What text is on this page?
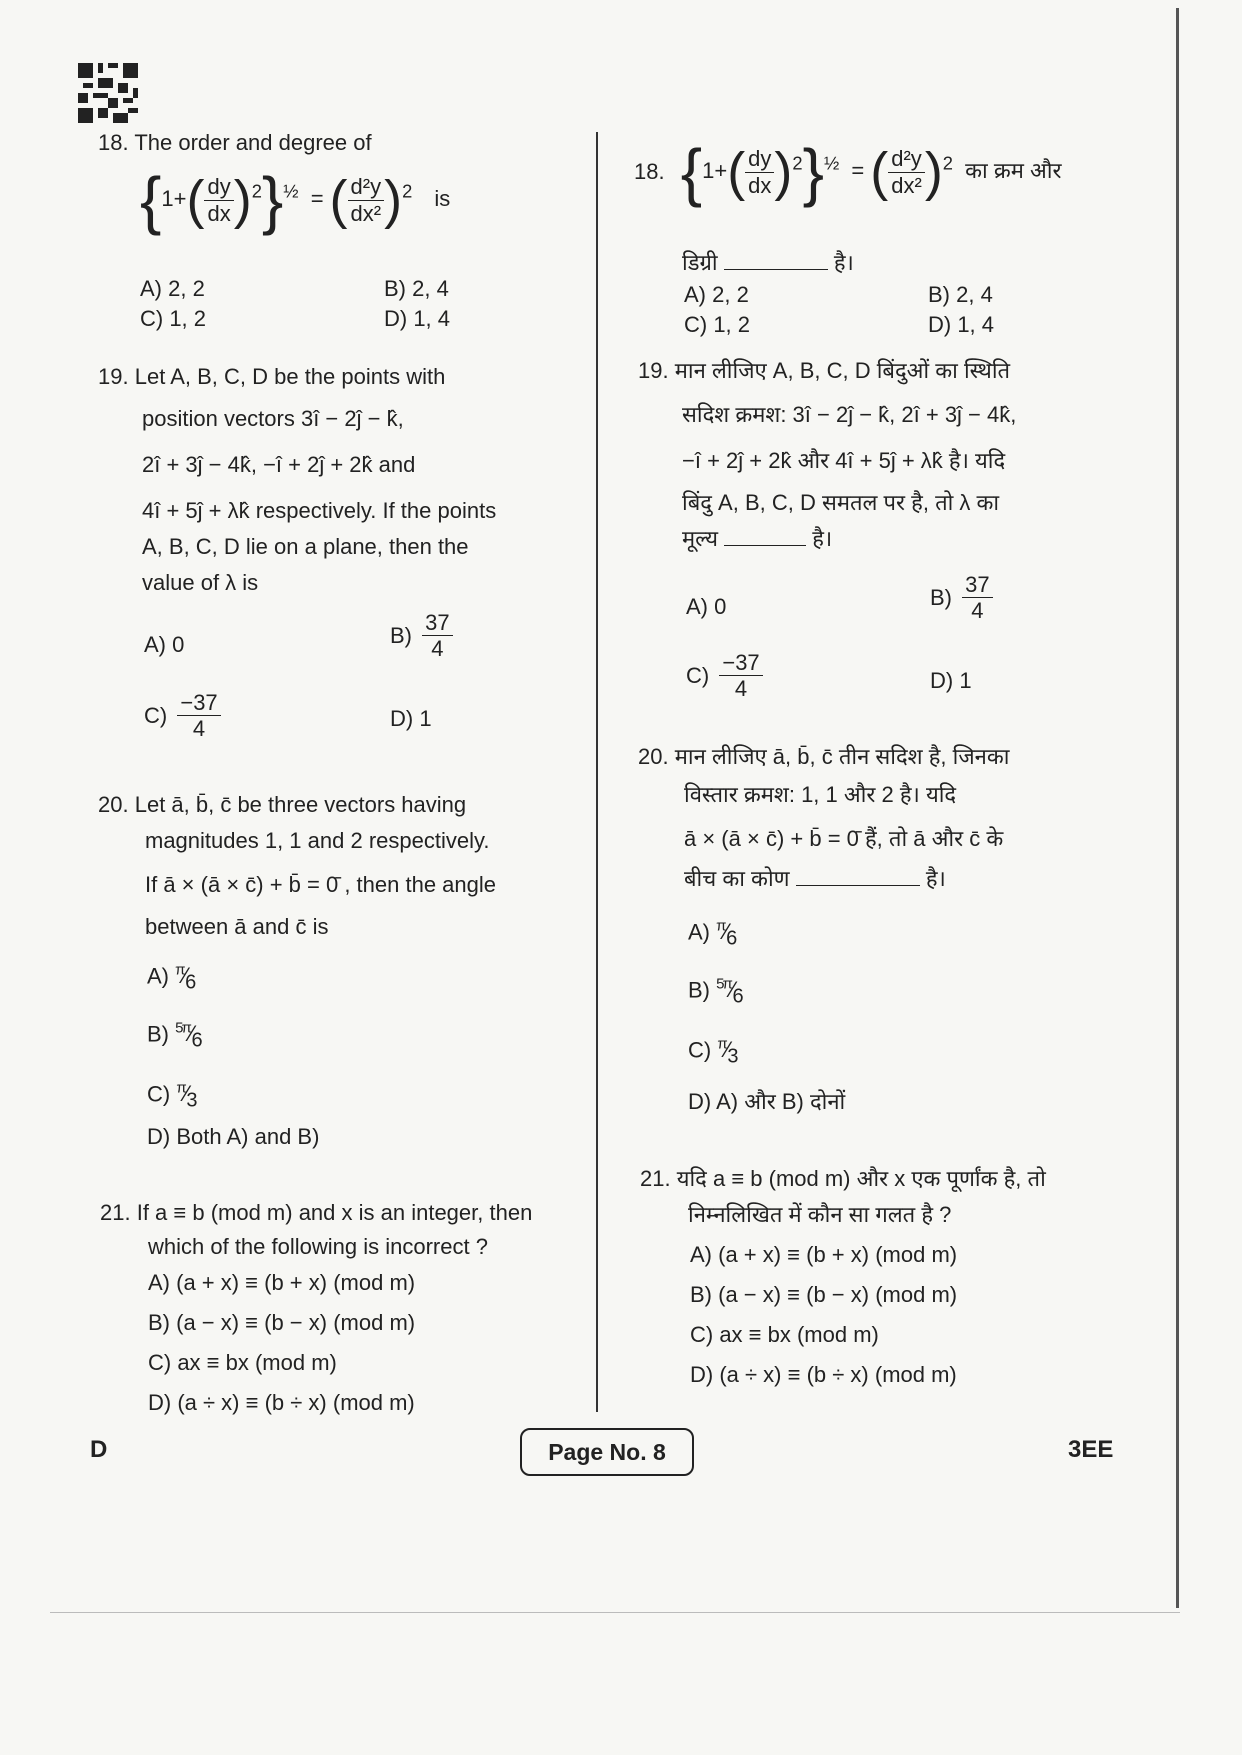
18. The order and degree of
$\{1+( \frac{dy}{dx} )^2\}^{\frac{1}{2}}$ = ( $\frac{\text{d²y}}{\text{dx²}} )^2$ is
A) 2, 2	B) 2, 4
C) 1, 2	D) 1, 4
19. Let A, B, C, D be the points with
position vectors 3î − 2ĵ − k̂,
2î + 3ĵ − 4k̂, −î + 2ĵ + 2k̂ and
4î + 5ĵ + λk̂ respectively. If the points
A, B, C, D lie on a plane, then the
value of λ is
A) 0	$B) \frac{37}{4}$
$C) \frac{-37}{4}$	D) 1
20. Let ā, b̄, c̄ be three vectors having
magnitudes 1, 1 and 2 respectively.
If ā × (ā × c̄) + b̄ = 0̄ , then the angle
between ā and c̄ is
A) $^\pi⁄_6$
B) $^{5\pi}⁄_6$
C) $^\pi⁄_3$
D) Both A) and B)
21. If a ≡ b (mod m) and x is an integer, then
which of the following is incorrect ?
A) (a + x) ≡ (b + x) (mod m)
B) (a − x) ≡ (b − x) (mod m)
C) ax ≡ bx (mod m)
D) (a ÷ x) ≡ (b ÷ x) (mod m)
18. $\{1+( \frac{dy}{dx} )^2\}^{\frac{1}{2}}$ = ( $\frac{\text{d²y}}{\text{dx²}} )^2$ का क्रम और
डिग्री	है।
A) 2, 2	B) 2, 4
C) 1, 2	D) 1, 4
19. मान लीजिए A, B, C, D बिंदुओं का स्थिति
सदिश क्रमश: 3î − 2ĵ − k̂, 2î + 3ĵ − 4k̂,
−î + 2ĵ + 2k̂ और 4î + 5ĵ + λk̂ है। यदि
बिंदु A, B, C, D समतल पर है, तो λ का
मूल्य	है।
A) 0	$B) \frac{37}{4}$
$C) \frac{-37}{4}$	D) 1
20. मान लीजिए ā, b̄, c̄ तीन सदिश है, जिनका
विस्तार क्रमश: 1, 1 और 2 है। यदि
ā × (ā × c̄) + b̄ = 0̄ हैं, तो ā और c̄ के
बीच का कोण	है।
A) $^\pi⁄_6$
B) $^{5\pi}⁄_6$
C) $^\pi⁄_3$
D) A) और B) दोनों
21. यदि a ≡ b (mod m) और x एक पूर्णांक है, तो
निम्नलिखित में कौन सा गलत है ?
A) (a + x) ≡ (b + x) (mod m)
B) (a − x) ≡ (b − x) (mod m)
C) ax ≡ bx (mod m)
D) (a ÷ x) ≡ (b ÷ x) (mod m)
D	Page No. 8	3EE
